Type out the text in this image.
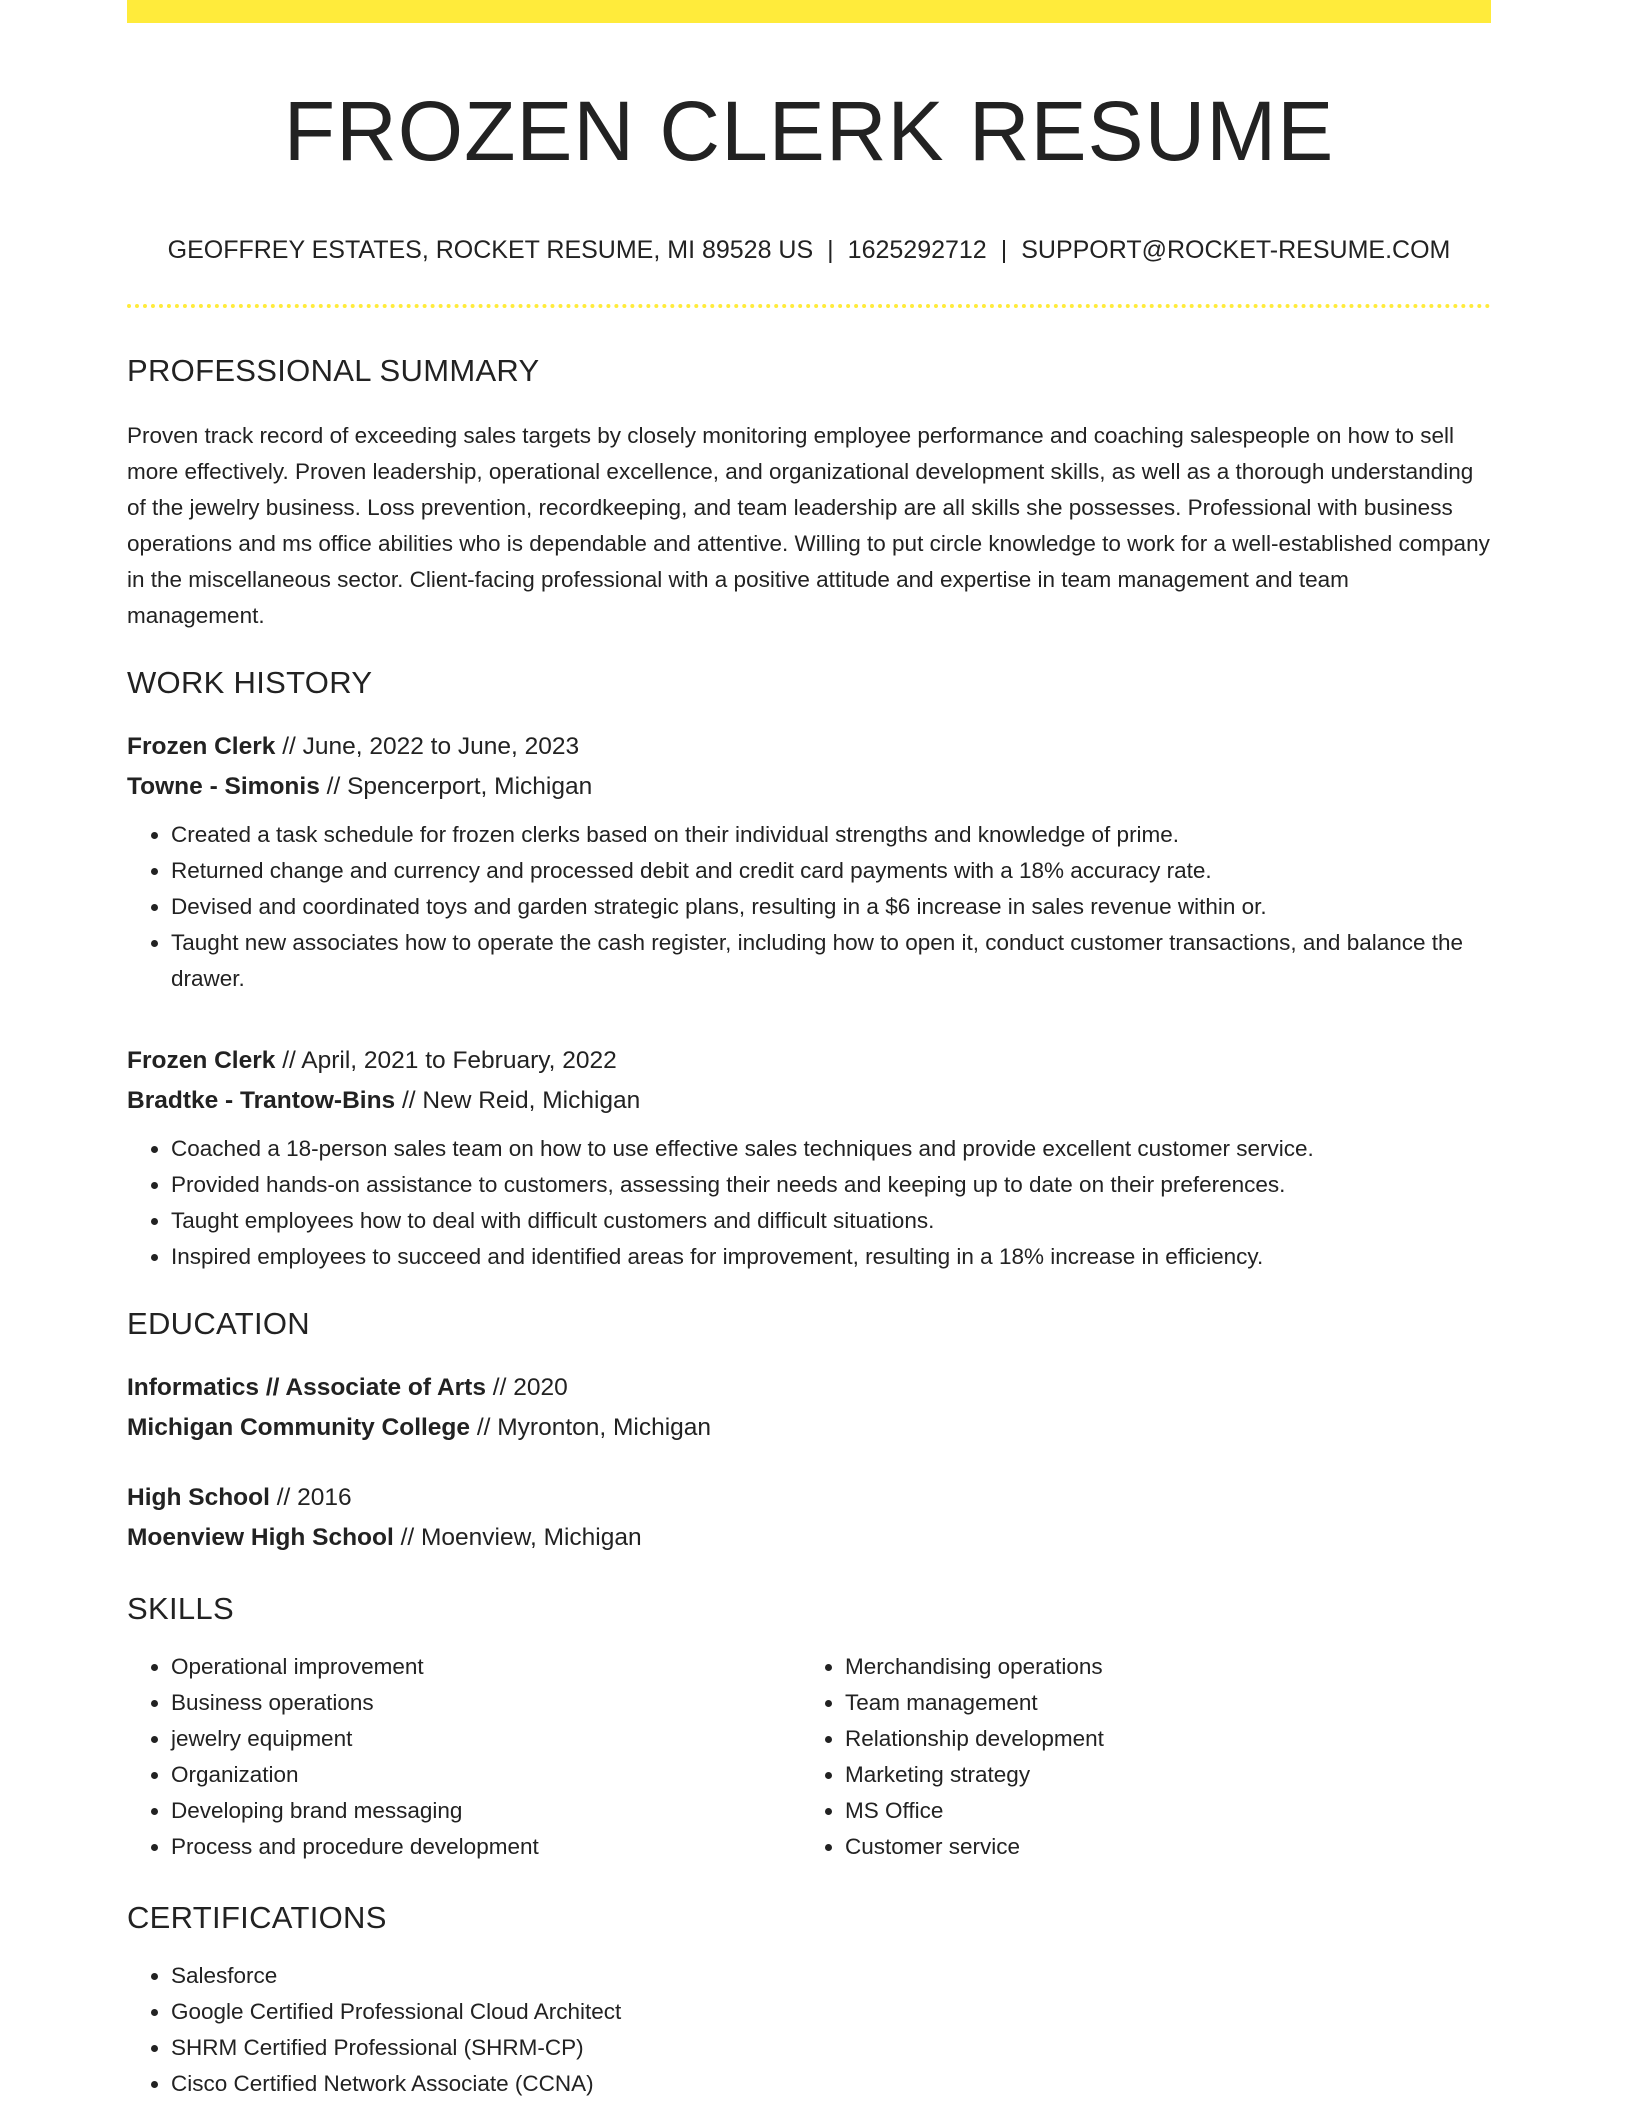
FROZEN CLERK RESUME
GEOFFREY ESTATES, ROCKET RESUME, MI 89528 US | 1625292712 | SUPPORT@ROCKET-RESUME.COM
PROFESSIONAL SUMMARY

Proven track record of exceeding sales targets by closely monitoring employee performance and coaching salespeople on how to sell more effectively. Proven leadership, operational excellence, and organizational development skills, as well as a thorough understanding of the jewelry business. Loss prevention, recordkeeping, and team leadership are all skills she possesses. Professional with business operations and ms office abilities who is dependable and attentive. Willing to put circle knowledge to work for a well-established company in the miscellaneous sector. Client-facing professional with a positive attitude and expertise in team management and team management.

WORK HISTORY
Frozen Clerk // June, 2022 to June, 2023
Towne - Simonis // Spencerport, Michigan
• Created a task schedule for frozen clerks based on their individual strengths and knowledge of prime.
• Returned change and currency and processed debit and credit card payments with a 18% accuracy rate.
• Devised and coordinated toys and garden strategic plans, resulting in a $6 increase in sales revenue within or.
• Taught new associates how to operate the cash register, including how to open it, conduct customer transactions, and balance the drawer.
Frozen Clerk // April, 2021 to February, 2022
Bradtke - Trantow-Bins // New Reid, Michigan
• Coached a 18-person sales team on how to use effective sales techniques and provide excellent customer service.
• Provided hands-on assistance to customers, assessing their needs and keeping up to date on their preferences.
• Taught employees how to deal with difficult customers and difficult situations.
• Inspired employees to succeed and identified areas for improvement, resulting in a 18% increase in efficiency.
EDUCATION
Informatics // Associate of Arts // 2020
Michigan Community College // Myronton, Michigan
High School // 2016
Moenview High School // Moenview, Michigan
SKILLS
• Operational improvement
• Business operations
• jewelry equipment
• Organization
• Developing brand messaging
• Process and procedure development
• Merchandising operations
• Team management
• Relationship development
• Marketing strategy
• MS Office
• Customer service
CERTIFICATIONS
• Salesforce
• Google Certified Professional Cloud Architect
• SHRM Certified Professional (SHRM-CP)
• Cisco Certified Network Associate (CCNA)
